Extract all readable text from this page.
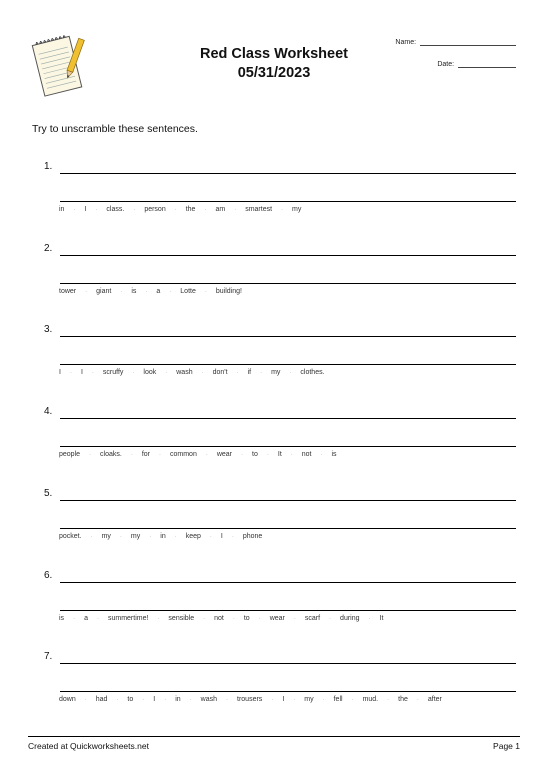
Red Class Worksheet
05/31/2023
Name:
Date:
Try to unscramble these sentences.
1.
in · I · class. · person · the · am · smartest · my
2.
tower · giant · is · a · Lotte · building!
3.
I · I · scruffy · look · wash · don't · if · my · clothes.
4.
people · cloaks. · for · common · wear · to · It · not · is
5.
pocket. · my · my · in · keep · I · phone
6.
is · a · summertime! · sensible · not · to · wear · scarf · during · It
7.
down · had · to · I · in · wash · trousers · I · my · fell · mud. · the · after
Created at Quickworksheets.net	Page 1
